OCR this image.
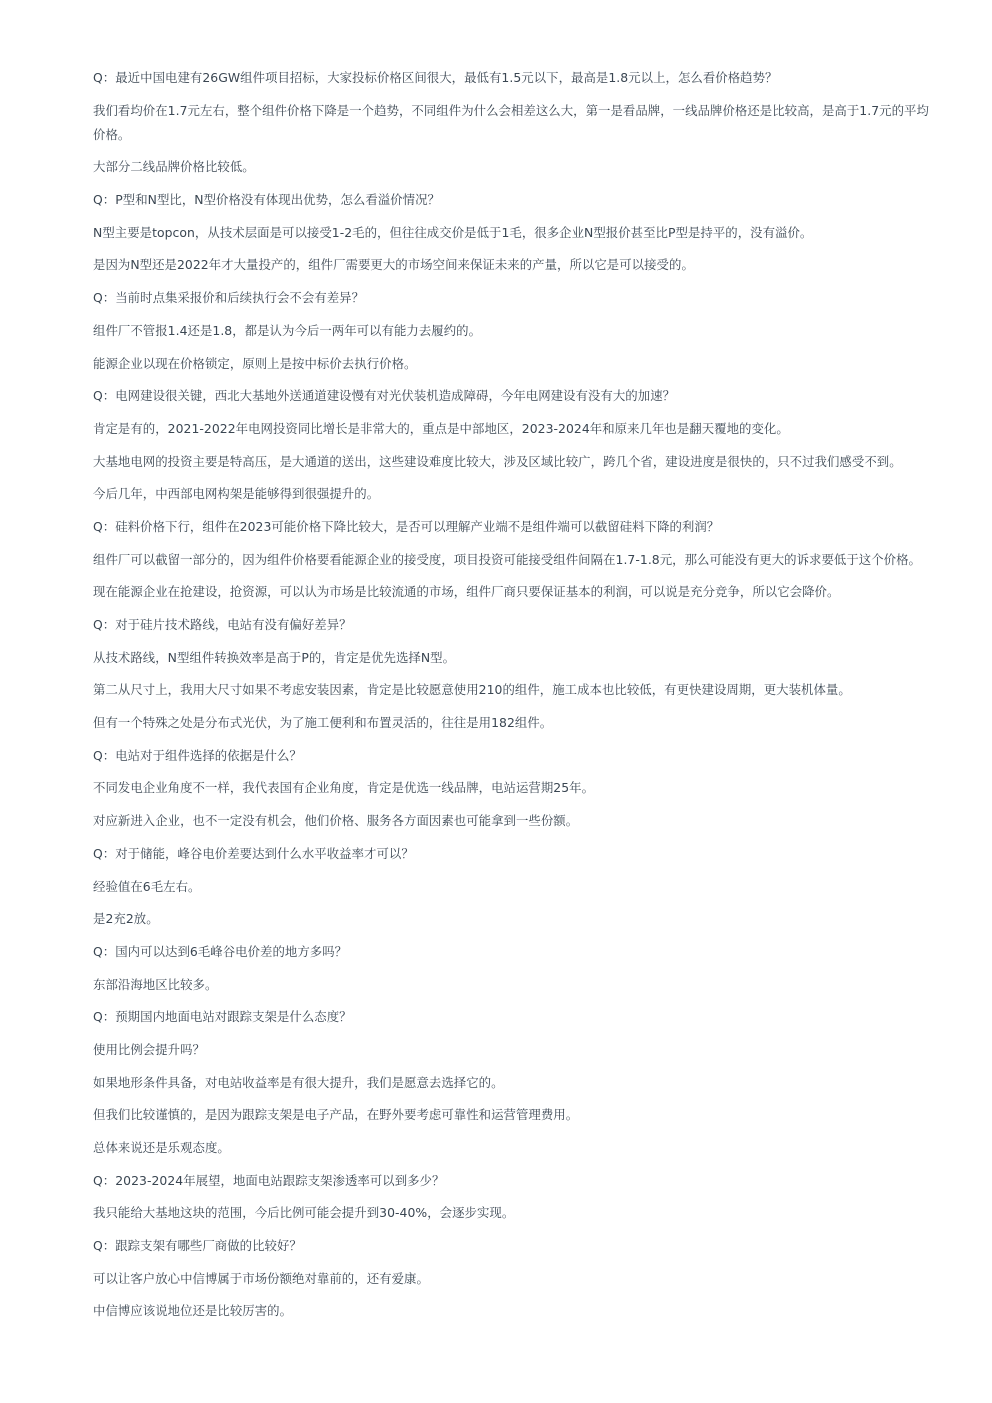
Q：最近中国电建有26GW组件项目招标，大家投标价格区间很大，最低有1.5元以下，最高是1.8元以上，怎么看价格趋势？

我们看均价在1.7元左右，整个组件价格下降是一个趋势，不同组件为什么会相差这么大，第一是看品牌，一线品牌价格还是比较高，是高于1.7元的平均价格。

大部分二线品牌价格比较低。

Q：P型和N型比，N型价格没有体现出优势，怎么看溢价情况？

N型主要是topcon，从技术层面是可以接受1-2毛的，但往往成交价是低于1毛，很多企业N型报价甚至比P型是持平的，没有溢价。

是因为N型还是2022年才大量投产的，组件厂需要更大的市场空间来保证未来的产量，所以它是可以接受的。

Q：当前时点集采报价和后续执行会不会有差异？

组件厂不管报1.4还是1.8，都是认为今后一两年可以有能力去履约的。

能源企业以现在价格锁定，原则上是按中标价去执行价格。

Q：电网建设很关键，西北大基地外送通道建设慢有对光伏装机造成障碍，今年电网建设有没有大的加速？

肯定是有的，2021-2022年电网投资同比增长是非常大的，重点是中部地区，2023-2024年和原来几年也是翻天覆地的变化。

大基地电网的投资主要是特高压，是大通道的送出，这些建设难度比较大，涉及区域比较广，跨几个省，建设进度是很快的，只不过我们感受不到。

今后几年，中西部电网构架是能够得到很强提升的。

Q：硅料价格下行，组件在2023可能价格下降比较大，是否可以理解产业端不是组件端可以截留硅料下降的利润？

组件厂可以截留一部分的，因为组件价格要看能源企业的接受度，项目投资可能接受组件间隔在1.7-1.8元，那么可能没有更大的诉求要低于这个价格。

现在能源企业在抢建设，抢资源，可以认为市场是比较流通的市场，组件厂商只要保证基本的利润，可以说是充分竞争，所以它会降价。

Q：对于硅片技术路线，电站有没有偏好差异？

从技术路线，N型组件转换效率是高于P的，肯定是优先选择N型。

第二从尺寸上，我用大尺寸如果不考虑安装因素，肯定是比较愿意使用210的组件，施工成本也比较低，有更快建设周期，更大装机体量。

但有一个特殊之处是分布式光伏，为了施工便利和布置灵活的，往往是用182组件。

Q：电站对于组件选择的依据是什么？

不同发电企业角度不一样，我代表国有企业角度，肯定是优选一线品牌，电站运营期25年。

对应新进入企业，也不一定没有机会，他们价格、服务各方面因素也可能拿到一些份额。

Q：对于储能，峰谷电价差要达到什么水平收益率才可以？

经验值在6毛左右。

是2充2放。

Q：国内可以达到6毛峰谷电价差的地方多吗？

东部沿海地区比较多。

Q：预期国内地面电站对跟踪支架是什么态度？

使用比例会提升吗？

如果地形条件具备，对电站收益率是有很大提升，我们是愿意去选择它的。

但我们比较谨慎的，是因为跟踪支架是电子产品，在野外要考虑可靠性和运营管理费用。

总体来说还是乐观态度。

Q：2023-2024年展望，地面电站跟踪支架渗透率可以到多少？

我只能给大基地这块的范围，今后比例可能会提升到30-40%，会逐步实现。

Q：跟踪支架有哪些厂商做的比较好？

可以让客户放心中信博属于市场份额绝对靠前的，还有爱康。

中信博应该说地位还是比较厉害的。
